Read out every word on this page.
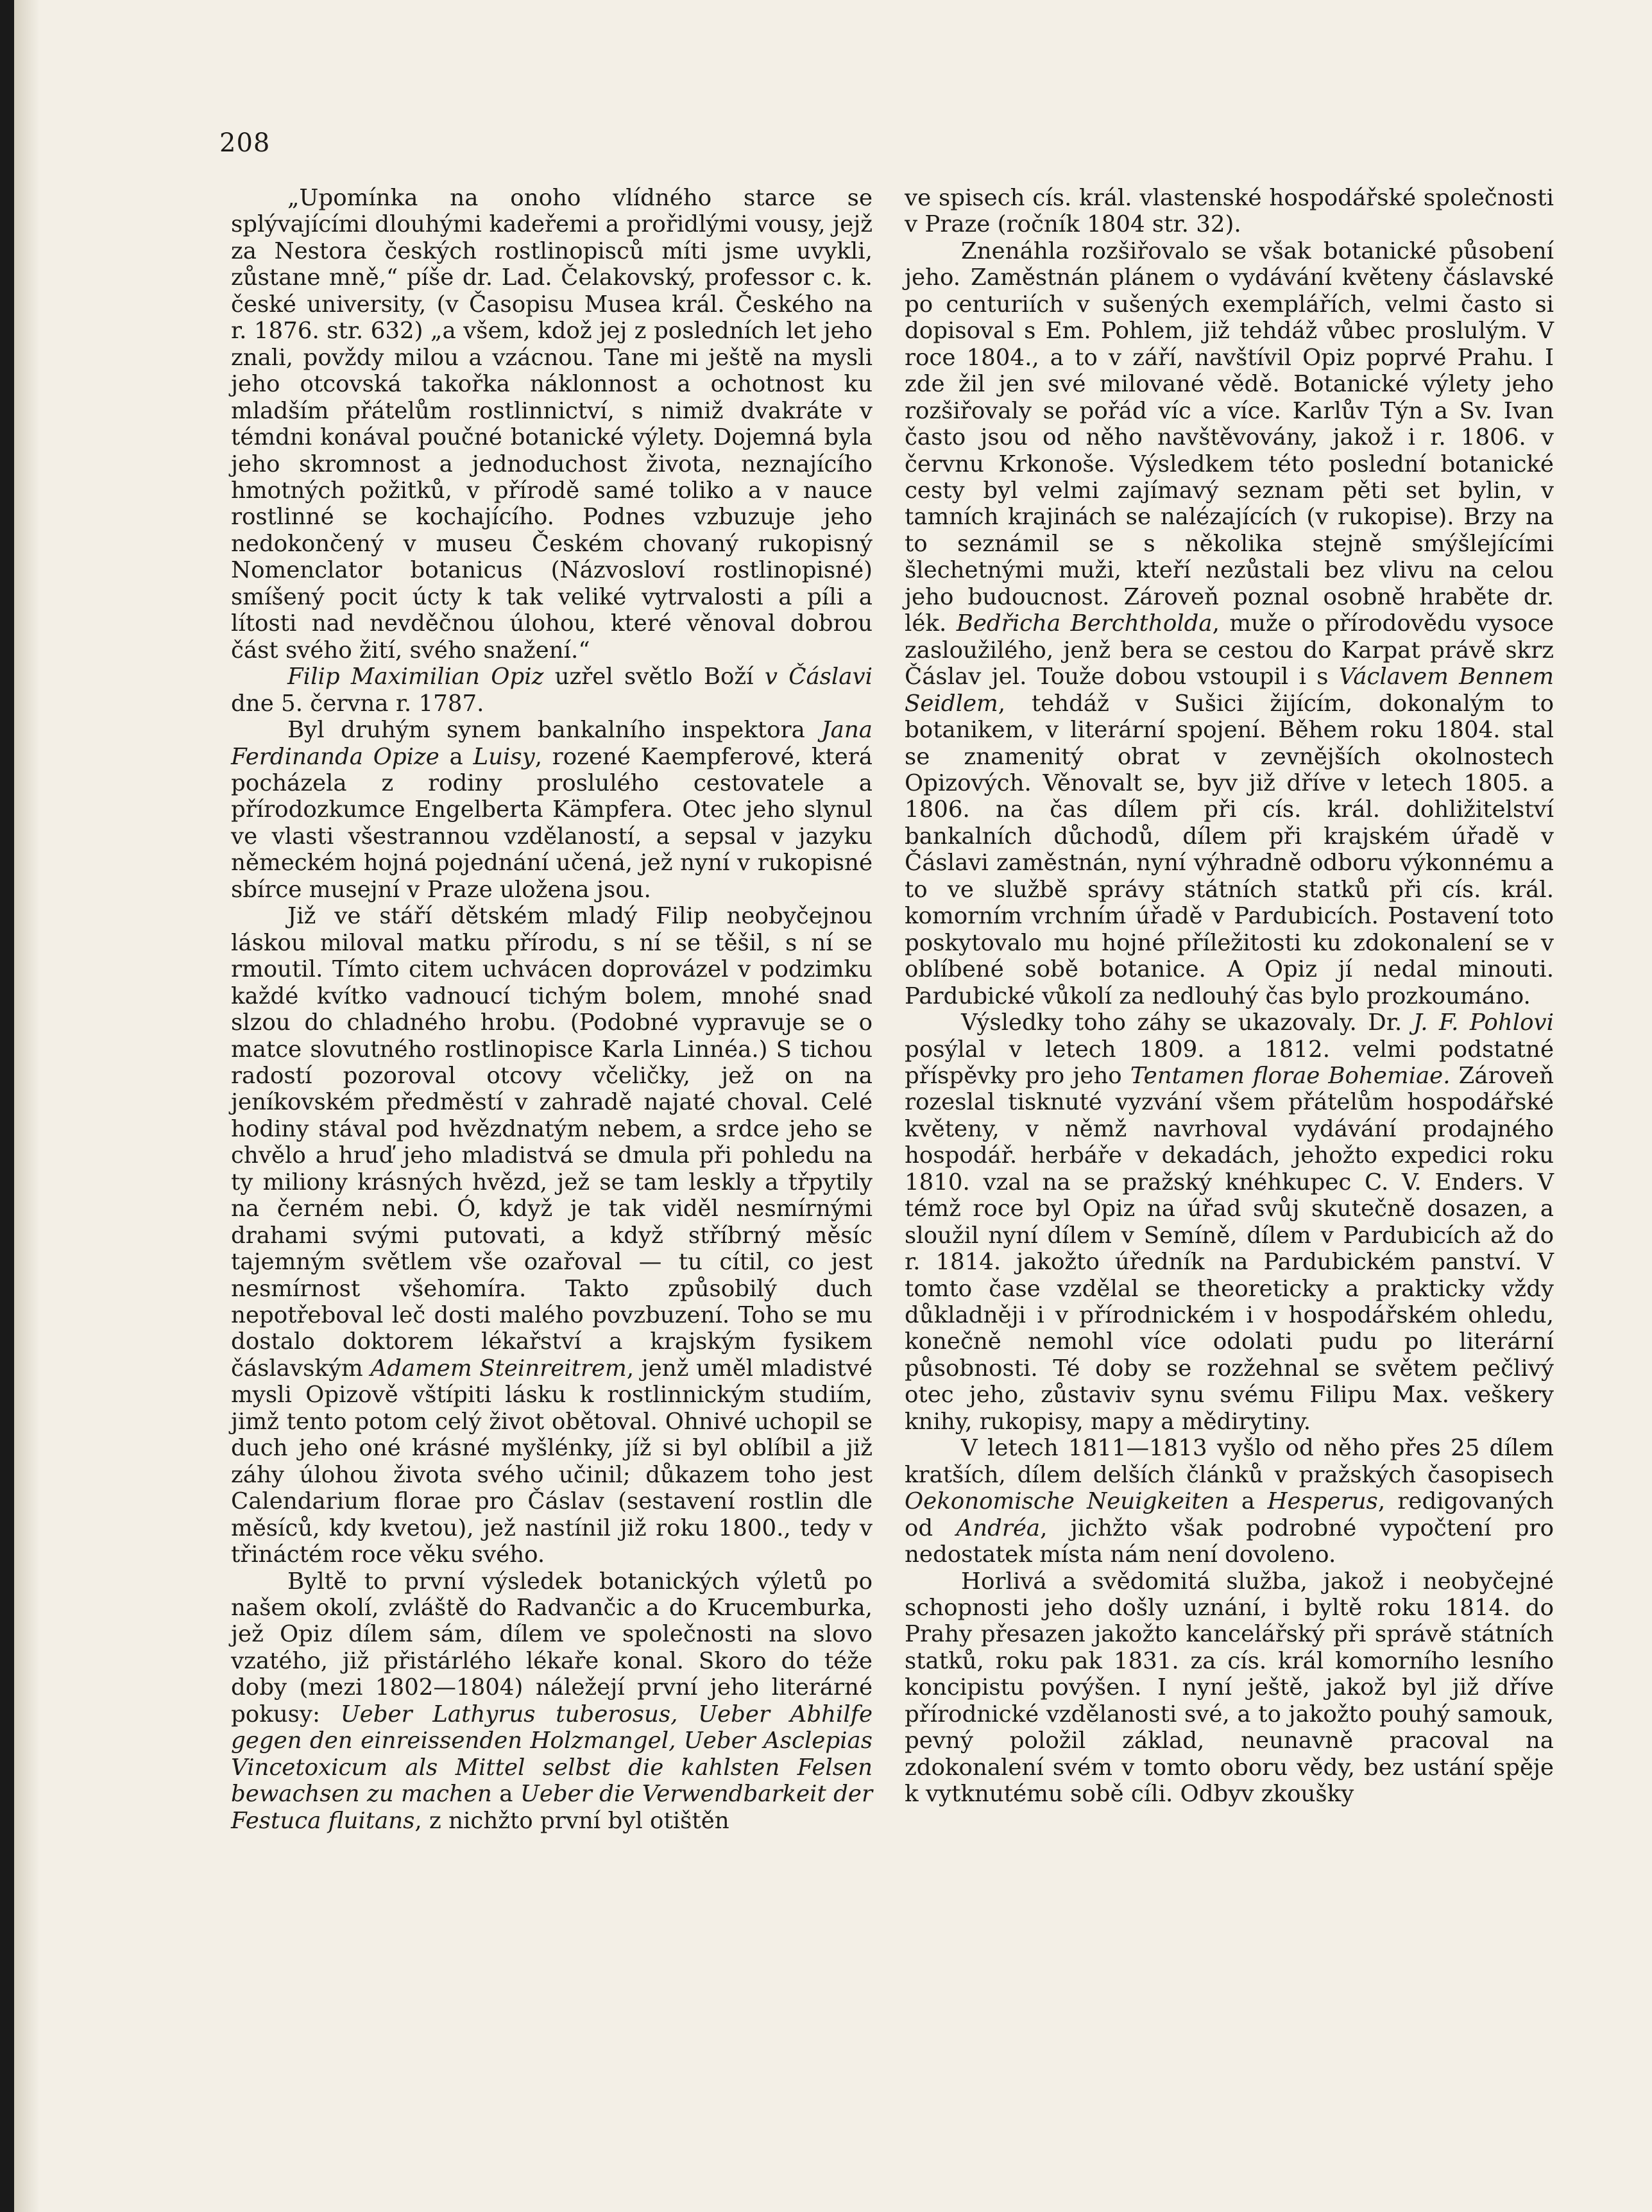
208

„Upomínka na onoho vlídného starce se splývajícími dlouhými kadeřemi a prořidlými vousy, jejž za Nestora českých rostlinopisců míti jsme uvykli, zůstane mně,“ píše dr. Lad. Čelakovský, professor c. k. české university, (v Časopisu Musea král. Českého na r. 1876. str. 632) „a všem, kdož jej z posledních let jeho znali, povždy milou a vzácnou. Tane mi ještě na mysli jeho otcovská takořka náklonnost a ochotnost ku mladším přátelům rostlinnictví, s nimiž dvakráte v témdni konával poučné botanické výlety. Dojemná byla jeho skromnost a jednoduchost života, neznajícího hmotných požitků, v přírodě samé toliko a v nauce rostlinné se kochajícího. Podnes vzbuzuje jeho nedokončený v museu Českém chovaný rukopisný Nomenclator botanicus (Názvosloví rostlinopisné) smíšený pocit úcty k tak veliké vytrvalosti a píli a lítosti nad nevděčnou úlohou, které věnoval dobrou část svého žití, svého snažení.“

Filip Maximilian Opiz uzřel světlo Boží v Čáslavi dne 5. června r. 1787.

Byl druhým synem bankalního inspektora Jana Ferdinanda Opize a Luisy, rozené Kaempferové, která pocházela z rodiny proslulého cestovatele a přírodozkumce Engelberta Kämpfera. Otec jeho slynul ve vlasti všestrannou vzdělaností, a sepsal v jazyku německém hojná pojednání učená, jež nyní v rukopisné sbírce musejní v Praze uložena jsou.

Již ve stáří dětském mladý Filip neobyčejnou láskou miloval matku přírodu, s ní se těšil, s ní se rmoutil. Tímto citem uchvácen doprovázel v podzimku každé kvítko vadnoucí tichým bolem, mnohé snad slzou do chladného hrobu. (Podobné vypravuje se o matce slovutného rostlinopisce Karla Linnéa.) S tichou radostí pozoroval otcovy včeličky, jež on na jeníkovském předměstí v zahradě najaté choval. Celé hodiny stával pod hvězdnatým nebem, a srdce jeho se chvělo a hruď jeho mladistvá se dmula při pohledu na ty miliony krásných hvězd, jež se tam leskly a třpytily na černém nebi. Ó, když je tak viděl nesmírnými drahami svými putovati, a když stříbrný měsíc tajemným světlem vše ozařoval — tu cítil, co jest nesmírnost všehomíra. Takto způsobilý duch nepotřeboval leč dosti malého povzbuzení. Toho se mu dostalo doktorem lékařství a krajským fysikem čáslavským Adamem Steinreitrem, jenž uměl mladistvé mysli Opizově vštípiti lásku k rostlinnickým studiím, jimž tento potom celý život obětoval. Ohnivé uchopil se duch jeho oné krásné myšlénky, jíž si byl oblíbil a již záhy úlohou života svého učinil; důkazem toho jest Calendarium florae pro Čáslav (sestavení rostlin dle měsíců, kdy kvetou), jež nastínil již roku 1800., tedy v třináctém roce věku svého.

Byltě to první výsledek botanických výletů po našem okolí, zvláště do Radvančic a do Krucemburka, jež Opiz dílem sám, dílem ve společnosti na slovo vzatého, již přistárlého lékaře konal. Skoro do téže doby (mezi 1802—1804) náležejí první jeho literárné pokusy: Ueber Lathyrus tuberosus, Ueber Abhilfe gegen den einreissenden Holzmangel, Ueber Asclepias Vincetoxicum als Mittel selbst die kahlsten Felsen bewachsen zu machen a Ueber die Verwendbarkeit der Festuca fluitans, z nichžto první byl otištěn

ve spisech cís. král. vlastenské hospodářské společnosti v Praze (ročník 1804 str. 32).

Znenáhla rozšiřovalo se však botanické působení jeho. Zaměstnán plánem o vydávání květeny čáslavské po centuriích v sušených exemplářích, velmi často si dopisoval s Em. Pohlem, již tehdáž vůbec proslulým. V roce 1804., a to v září, navštívil Opiz poprvé Prahu. I zde žil jen své milované vědě. Botanické výlety jeho rozšiřovaly se pořád víc a více. Karlův Týn a Sv. Ivan často jsou od něho navštěvovány, jakož i r. 1806. v červnu Krkonoše. Výsledkem této poslední botanické cesty byl velmi zajímavý seznam pěti set bylin, v tamních krajinách se nalézajících (v rukopise). Brzy na to seznámil se s několika stejně smýšlejícími šlechetnými muži, kteří nezůstali bez vlivu na celou jeho budoucnost. Zároveň poznal osobně hraběte dr. lék. Bedřicha Berchtholda, muže o přírodovědu vysoce zasloužilého, jenž bera se cestou do Karpat právě skrz Čáslav jel. Touže dobou vstoupil i s Václavem Bennem Seidlem, tehdáž v Sušici žijícím, dokonalým to botanikem, v literární spojení. Během roku 1804. stal se znamenitý obrat v zevnějších okolnostech Opizových. Věnovalt se, byv již dříve v letech 1805. a 1806. na čas dílem při cís. král. dohližitelství bankalních důchodů, dílem při krajském úřadě v Čáslavi zaměstnán, nyní výhradně odboru výkonnému a to ve službě správy státních statků při cís. král. komorním vrchním úřadě v Pardubicích. Postavení toto poskytovalo mu hojné příležitosti ku zdokonalení se v oblíbené sobě botanice. A Opiz jí nedal minouti. Pardubické vůkolí za nedlouhý čas bylo prozkoumáno.

Výsledky toho záhy se ukazovaly. Dr. J. F. Pohlovi posýlal v letech 1809. a 1812. velmi podstatné příspěvky pro jeho Tentamen florae Bohemiae. Zároveň rozeslal tisknuté vyzvání všem přátelům hospodářské květeny, v němž navrhoval vydávání prodajného hospodář. herbáře v dekadách, jehožto expedici roku 1810. vzal na se pražský knéhkupec C. V. Enders. V témž roce byl Opiz na úřad svůj skutečně dosazen, a sloužil nyní dílem v Semíně, dílem v Pardubicích až do r. 1814. jakožto úředník na Pardubickém panství. V tomto čase vzdělal se theoreticky a prakticky vždy důkladněji i v přírodnickém i v hospodářském ohledu, konečně nemohl více odolati pudu po literární působnosti. Té doby se rozžehnal se světem pečlivý otec jeho, zůstaviv synu svému Filipu Max. veškery knihy, rukopisy, mapy a mědirytiny.

V letech 1811—1813 vyšlo od něho přes 25 dílem kratších, dílem delších článků v pražských časopisech Oekonomische Neuigkeiten a Hesperus, redigovaných od Andréa, jichžto však podrobné vypočtení pro nedostatek místa nám není dovoleno.

Horlivá a svědomitá služba, jakož i neobyčejné schopnosti jeho došly uznání, i byltě roku 1814. do Prahy přesazen jakožto kancelářský při správě státních statků, roku pak 1831. za cís. král komorního lesního koncipistu povýšen. I nyní ještě, jakož byl již dříve přírodnické vzdělanosti své, a to jakožto pouhý samouk, pevný položil základ, neunavně pracoval na zdokonalení svém v tomto oboru vědy, bez ustání spěje k vytknutému sobě cíli. Odbyv zkoušky
